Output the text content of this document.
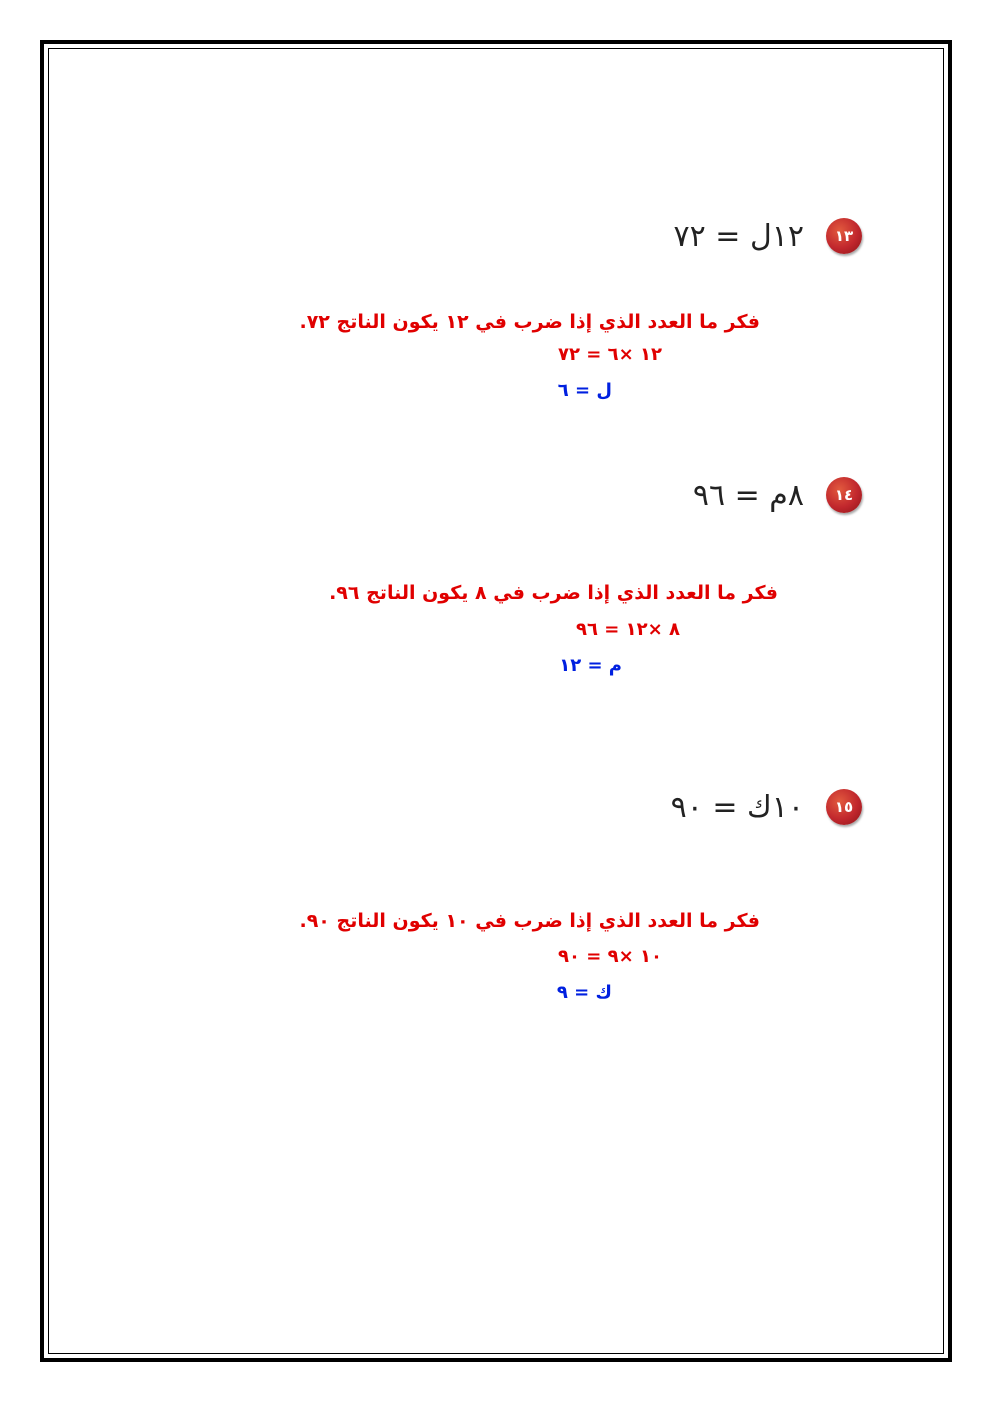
١٣
١٢ل = ٧٢
فكر ما العدد الذي إذا ضرب في ١٢ يكون الناتج ٧٢.
١٢ ×٦ = ٧٢
ل = ٦
١٤
٨م = ٩٦
فكر ما العدد الذي إذا ضرب في ٨ يكون الناتج ٩٦.
٨ ×١٢ = ٩٦
م = ١٢
١٥
١٠ك = ٩٠
فكر ما العدد الذي إذا ضرب في ١٠ يكون الناتج ٩٠.
١٠ ×٩ = ٩٠
ك = ٩
